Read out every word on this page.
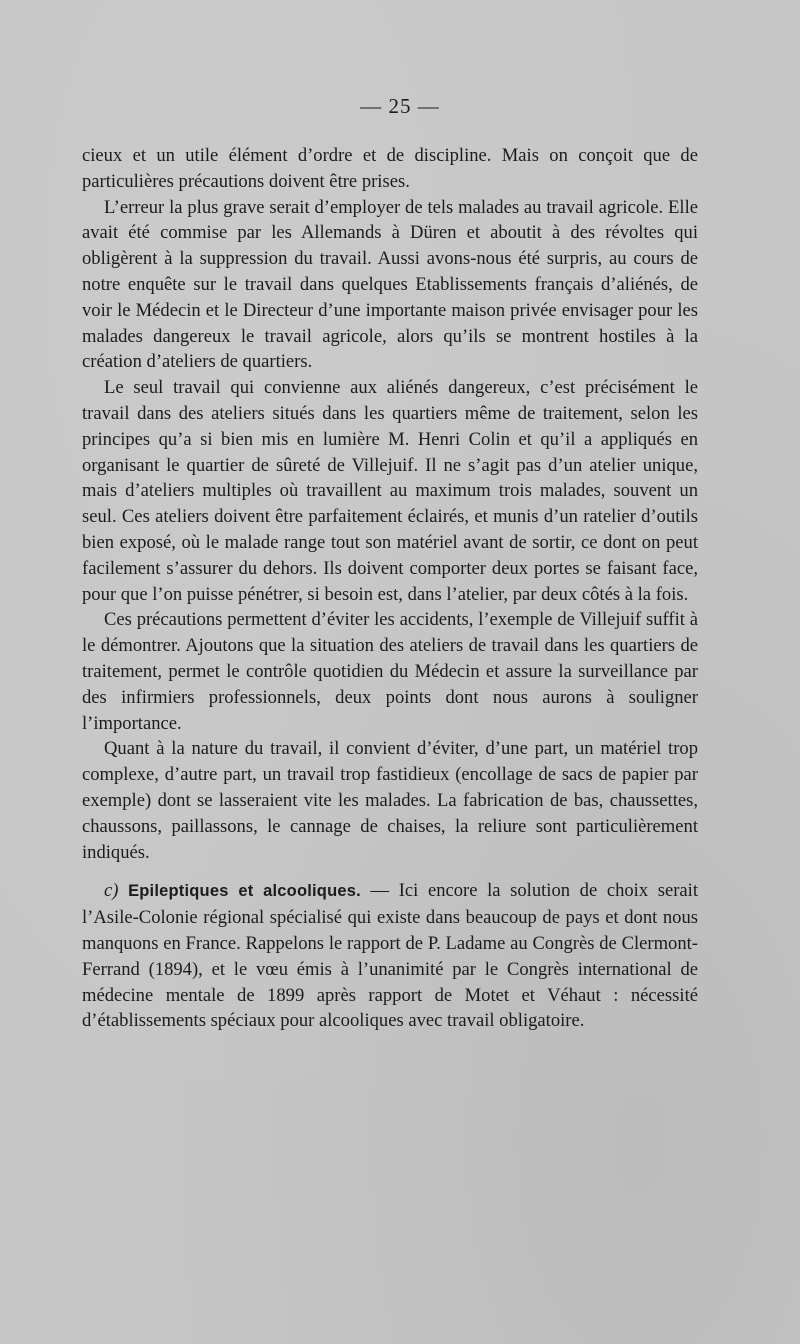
— 25 —

cieux et un utile élément d’ordre et de discipline. Mais on conçoit que de particulières précautions doivent être prises.

L’erreur la plus grave serait d’employer de tels malades au travail agricole. Elle avait été commise par les Allemands à Düren et aboutit à des révoltes qui obligèrent à la suppression du travail. Aussi avons-nous été surpris, au cours de notre enquête sur le travail dans quelques Etablissements français d’aliénés, de voir le Médecin et le Directeur d’une importante maison privée envisager pour les malades dangereux le travail agricole, alors qu’ils se montrent hostiles à la création d’ateliers de quartiers.

Le seul travail qui convienne aux aliénés dangereux, c’est précisément le travail dans des ateliers situés dans les quartiers même de traitement, selon les principes qu’a si bien mis en lumière M. Henri Colin et qu’il a appliqués en organisant le quartier de sûreté de Villejuif. Il ne s’agit pas d’un atelier unique, mais d’ateliers multiples où travaillent au maximum trois malades, souvent un seul. Ces ateliers doivent être parfaitement éclairés, et munis d’un ratelier d’outils bien exposé, où le malade range tout son matériel avant de sortir, ce dont on peut facilement s’assurer du dehors. Ils doivent comporter deux portes se faisant face, pour que l’on puisse pénétrer, si besoin est, dans l’atelier, par deux côtés à la fois.

Ces précautions permettent d’éviter les accidents, l’exemple de Villejuif suffit à le démontrer. Ajoutons que la situation des ateliers de travail dans les quartiers de traitement, permet le contrôle quotidien du Médecin et assure la surveillance par des infirmiers professionnels, deux points dont nous aurons à souligner l’importance.

Quant à la nature du travail, il convient d’éviter, d’une part, un matériel trop complexe, d’autre part, un travail trop fastidieux (encollage de sacs de papier par exemple) dont se lasseraient vite les malades. La fabrication de bas, chaussettes, chaussons, paillassons, le cannage de chaises, la reliure sont particulièrement indiqués.

c) Epileptiques et alcooliques. — Ici encore la solution de choix serait l’Asile-Colonie régional spécialisé qui existe dans beaucoup de pays et dont nous manquons en France. Rappelons le rapport de P. Ladame au Congrès de Clermont-Ferrand (1894), et le vœu émis à l’unanimité par le Congrès international de médecine mentale de 1899 après rapport de Motet et Véhaut : nécessité d’établissements spéciaux pour alcooliques avec travail obligatoire.
